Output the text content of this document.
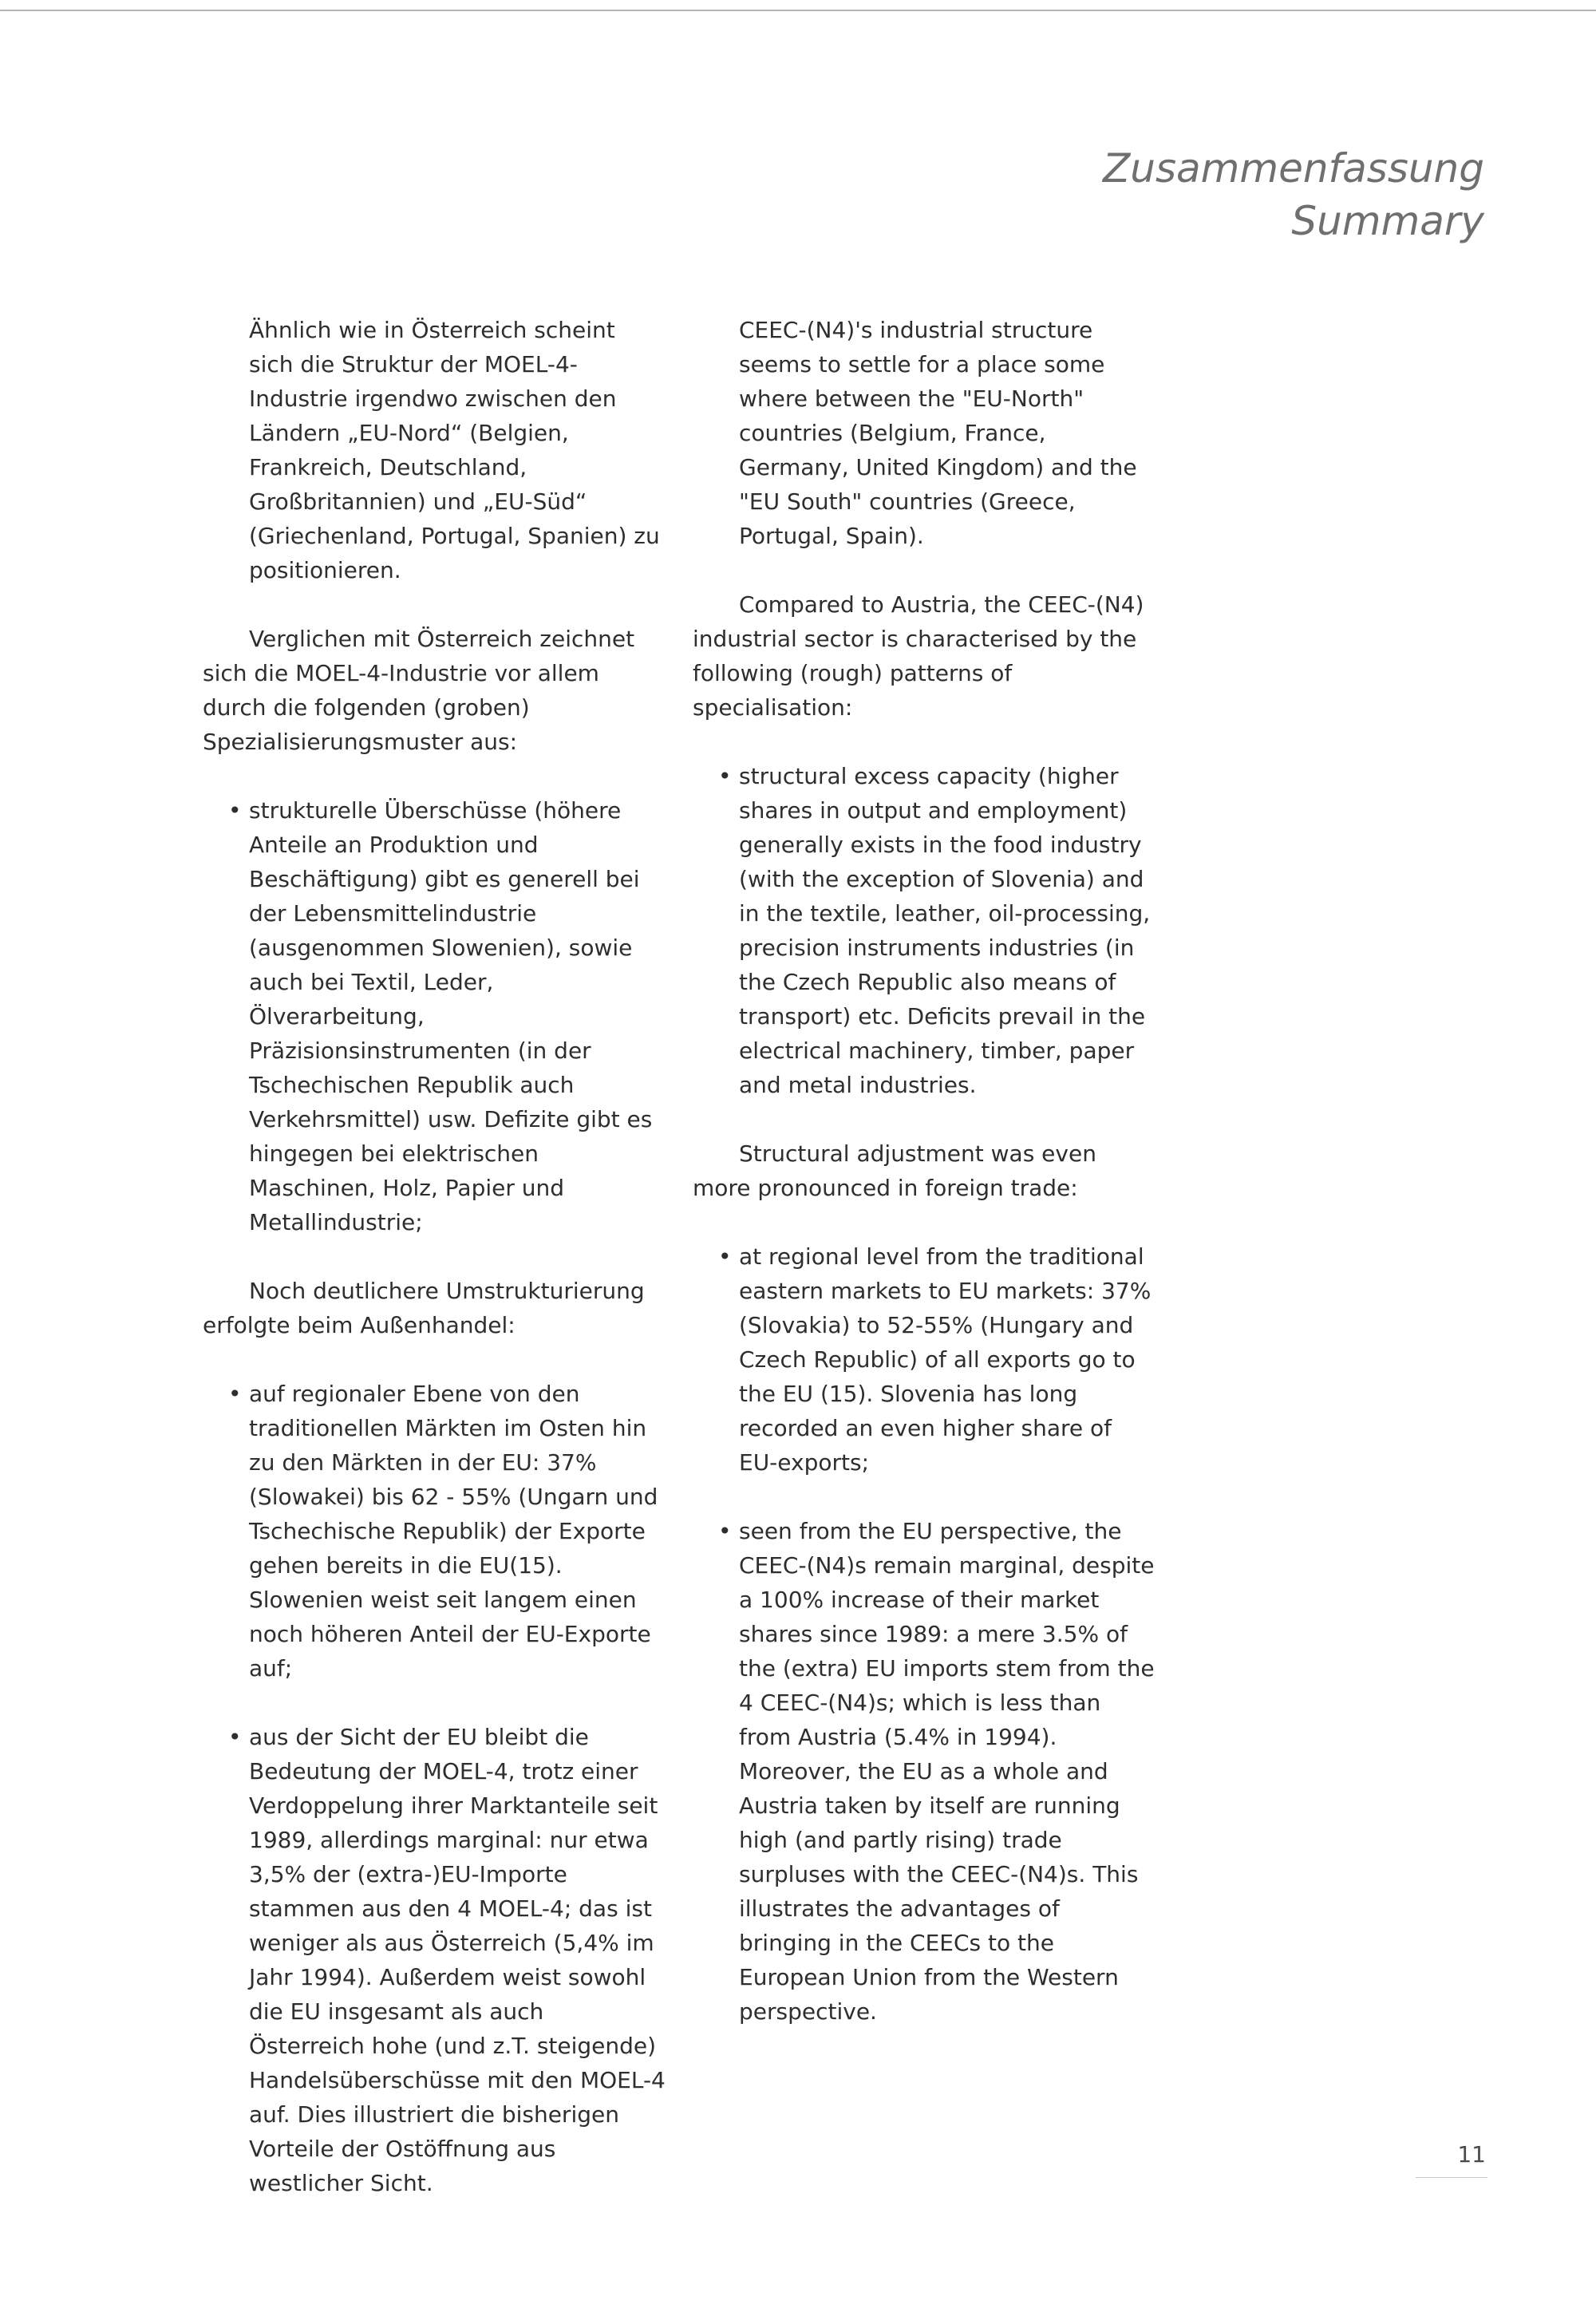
Zusammenfassung
Summary

Ähnlich wie in Österreich scheint sich die Struktur der MOEL-4-Industrie irgendwo zwischen den Ländern „EU-Nord“ (Belgien, Frankreich, Deutschland, Großbritannien) und „EU-Süd“ (Griechenland, Portugal, Spanien) zu positionieren.

Verglichen mit Österreich zeichnet sich die MOEL-4-Industrie vor allem durch die folgenden (groben) Spezialisierungsmuster aus:

• strukturelle Überschüsse (höhere Anteile an Produktion und Beschäftigung) gibt es generell bei der Lebensmittelindustrie (ausgenommen Slowenien), sowie auch bei Textil, Leder, Ölverarbeitung, Präzisionsinstrumenten (in der Tschechischen Republik auch Verkehrsmittel) usw. Defizite gibt es hingegen bei elektrischen Maschinen, Holz, Papier und Metallindustrie;

Noch deutlichere Umstrukturierung erfolgte beim Außenhandel:

• auf regionaler Ebene von den traditionellen Märkten im Osten hin zu den Märkten in der EU: 37% (Slowakei) bis 62 - 55% (Ungarn und Tschechische Republik) der Exporte gehen bereits in die EU(15). Slowenien weist seit langem einen noch höheren Anteil der EU-Exporte auf;
• aus der Sicht der EU bleibt die Bedeutung der MOEL-4, trotz einer Verdoppelung ihrer Marktanteile seit 1989, allerdings marginal: nur etwa 3,5% der (extra-)EU-Importe stammen aus den 4 MOEL-4; das ist weniger als aus Österreich (5,4% im Jahr 1994). Außerdem weist sowohl die EU insgesamt als auch Österreich hohe (und z.T. steigende) Handelsüberschüsse mit den MOEL-4 auf. Dies illustriert die bisherigen Vorteile der Ostöffnung aus westlicher Sicht.

CEEC-(N4)'s industrial structure seems to settle for a place some where between the "EU-North" countries (Belgium, France, Germany, United Kingdom) and the "EU South" countries (Greece, Portugal, Spain).

Compared to Austria, the CEEC-(N4) industrial sector is characterised by the following (rough) patterns of specialisation:

• structural excess capacity (higher shares in output and employment) generally exists in the food industry (with the exception of Slovenia) and in the textile, leather, oil-processing, precision instruments industries (in the Czech Republic also means of transport) etc. Deficits prevail in the electrical machinery, timber, paper and metal industries.

Structural adjustment was even more pronounced in foreign trade:

• at regional level from the traditional eastern markets to EU markets: 37% (Slovakia) to 52-55% (Hungary and Czech Republic) of all exports go to the EU (15). Slovenia has long recorded an even higher share of EU-exports;
• seen from the EU perspective, the CEEC-(N4)s remain marginal, despite a 100% increase of their market shares since 1989: a mere 3.5% of the (extra) EU imports stem from the 4 CEEC-(N4)s; which is less than from Austria (5.4% in 1994). Moreover, the EU as a whole and Austria taken by itself are running high (and partly rising) trade surpluses with the CEEC-(N4)s. This illustrates the advantages of bringing in the CEECs to the European Union from the Western perspective.
11
